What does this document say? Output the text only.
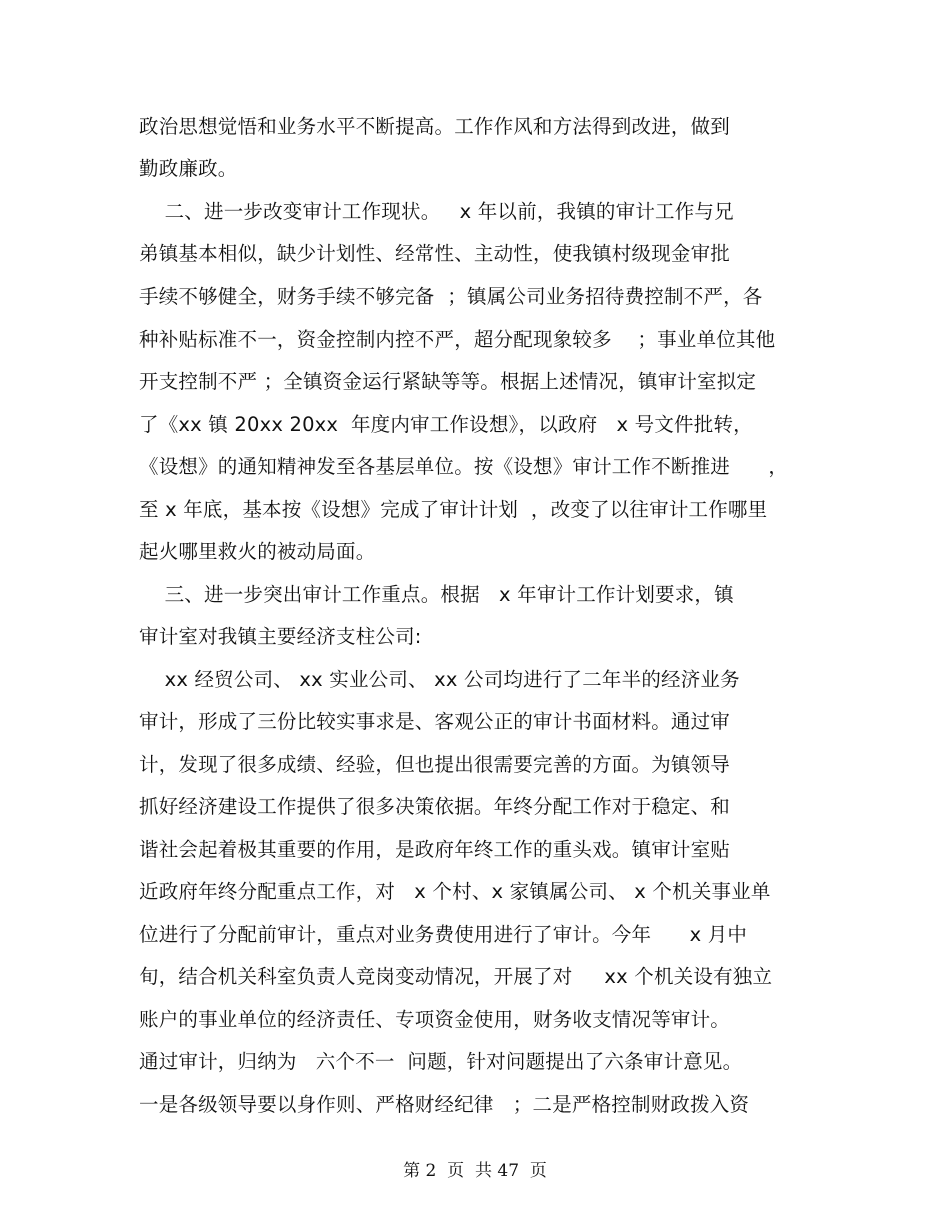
政治思想觉悟和业务水平不断提高。工作作风和方法得到改进，做到
勤政廉政。
二、进一步改变审计工作现状。   x 年以前，我镇的审计工作与兄
弟镇基本相似，缺少计划性、经常性、主动性，使我镇村级现金审批
手续不够健全，财务手续不够完备  ；镇属公司业务招待费控制不严，各
种补贴标准不一，资金控制内控不严，超分配现象较多    ；事业单位其他
开支控制不严 ；全镇资金运行紧缺等等。根据上述情况，镇审计室拟定
了《xx 镇 20xx 20xx  年度内审工作设想》，以政府   x 号文件批转，
《设想》的通知精神发至各基层单位。按《设想》审计工作不断推进      ，
至 x 年底，基本按《设想》完成了审计计划  ，改变了以往审计工作哪里
起火哪里救火的被动局面。
三、进一步突出审计工作重点。根据   x 年审计工作计划要求，镇
审计室对我镇主要经济支柱公司:
xx 经贸公司、 xx 实业公司、 xx 公司均进行了二年半的经济业务
审计，形成了三份比较实事求是、客观公正的审计书面材料。通过审
计，发现了很多成绩、经验，但也提出很需要完善的方面。为镇领导
抓好经济建设工作提供了很多决策依据。年终分配工作对于稳定、和
谐社会起着极其重要的作用，是政府年终工作的重头戏。镇审计室贴
近政府年终分配重点工作，对   x 个村、x 家镇属公司、 x 个机关事业单
位进行了分配前审计，重点对业务费使用进行了审计。今年      x 月中
旬，结合机关科室负责人竞岗变动情况，开展了对     xx 个机关设有独立
账户的事业单位的经济责任、专项资金使用，财务收支情况等审计。
通过审计，归纳为   六个不一  问题，针对问题提出了六条审计意见。
一是各级领导要以身作则、严格财经纪律   ；二是严格控制财政拨入资
第 2  页  共 47  页
